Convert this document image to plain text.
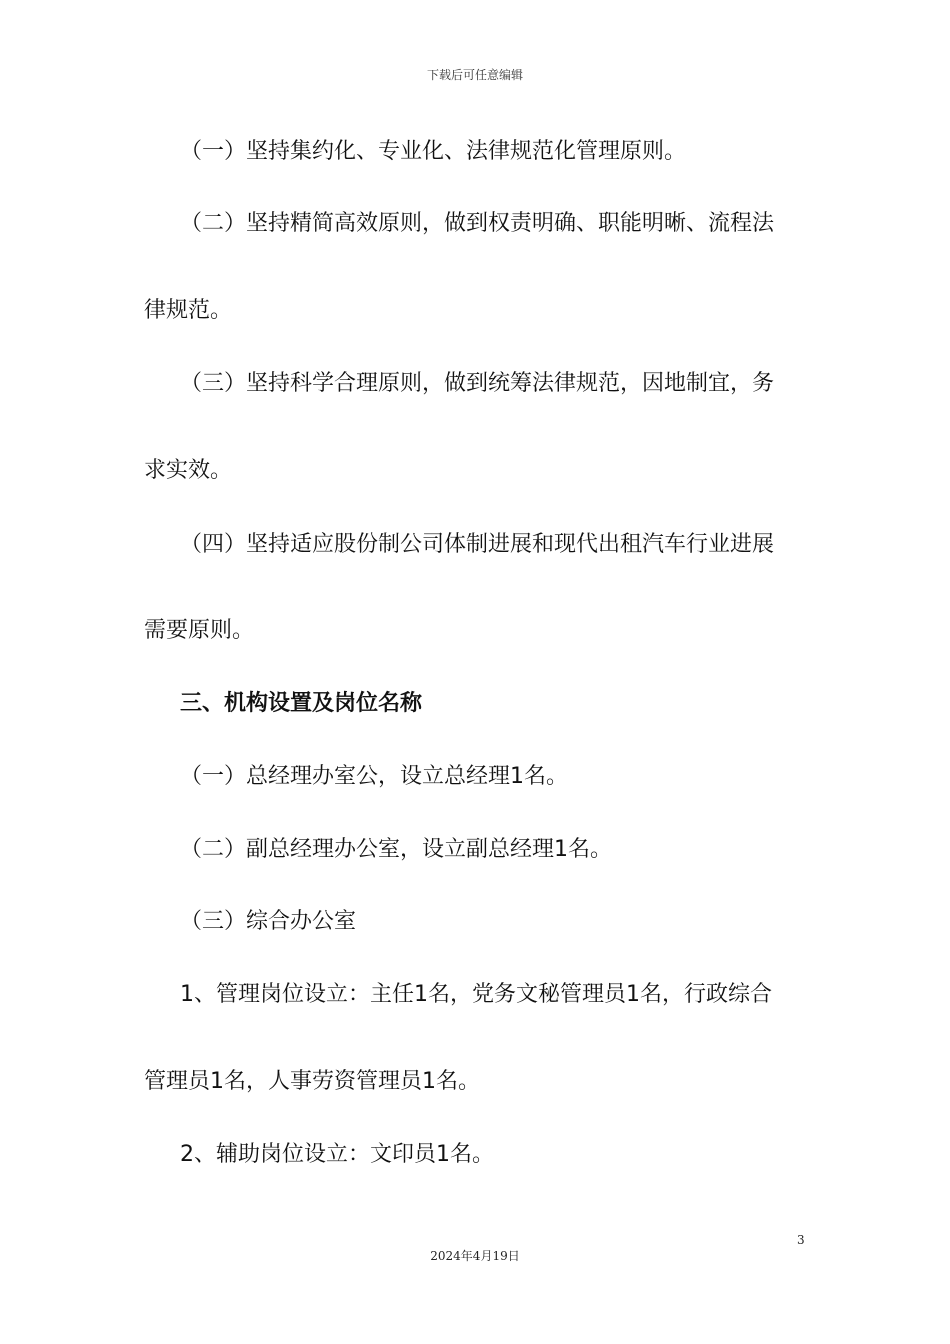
下载后可任意编辑
（一）坚持集约化、专业化、法律规范化管理原则。
（二）坚持精简高效原则，做到权责明确、职能明晰、流程法
律规范。
（三）坚持科学合理原则，做到统筹法律规范，因地制宜，务
求实效。
（四）坚持适应股份制公司体制进展和现代出租汽车行业进展
需要原则。
三、机构设置及岗位名称
（一）总经理办室公，设立总经理1名。
（二）副总经理办公室，设立副总经理1名。
（三）综合办公室
1、管理岗位设立：主任1名，党务文秘管理员1名，行政综合
管理员1名，人事劳资管理员1名。
2、辅助岗位设立：文印员1名。
3
2024年4月19日
